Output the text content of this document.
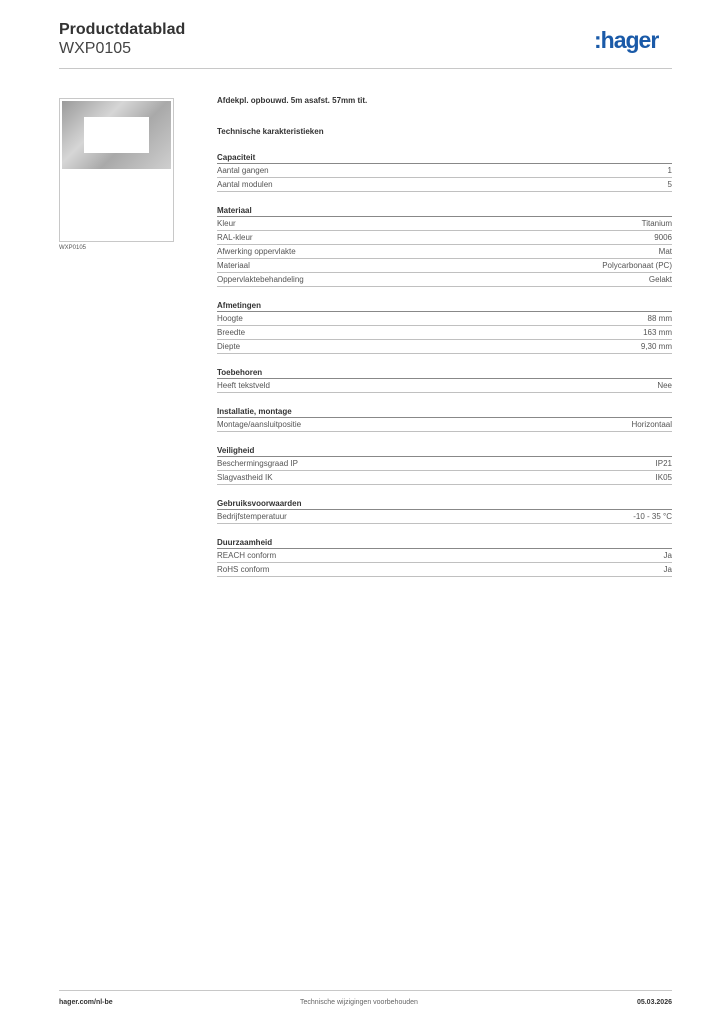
Productdatablad
WXP0105	:hager
WXP0105
Afdekpl. opbouwd. 5m asafst. 57mm tit.
Technische karakteristieken
Capaciteit
Aantal gangen	1
Aantal modulen	5
Materiaal
Kleur	Titanium
RAL-kleur	9006
Afwerking oppervlakte	Mat
Materiaal	Polycarbonaat (PC)
Oppervlaktebehandeling	Gelakt
Afmetingen
Hoogte	88 mm
Breedte	163 mm
Diepte	9,30 mm
Toebehoren
Heeft tekstveld	Nee
Installatie, montage
Montage/aansluitpositie	Horizontaal
Veiligheid
Beschermingsgraad IP	IP21
Slagvastheid IK	IK05
Gebruiksvoorwaarden
Bedrijfstemperatuur	-10 - 35 °C
Duurzaamheid
REACH conform	Ja
RoHS conform	Ja
hager.com/nl-be	Technische wijzigingen voorbehouden	05.03.2026
